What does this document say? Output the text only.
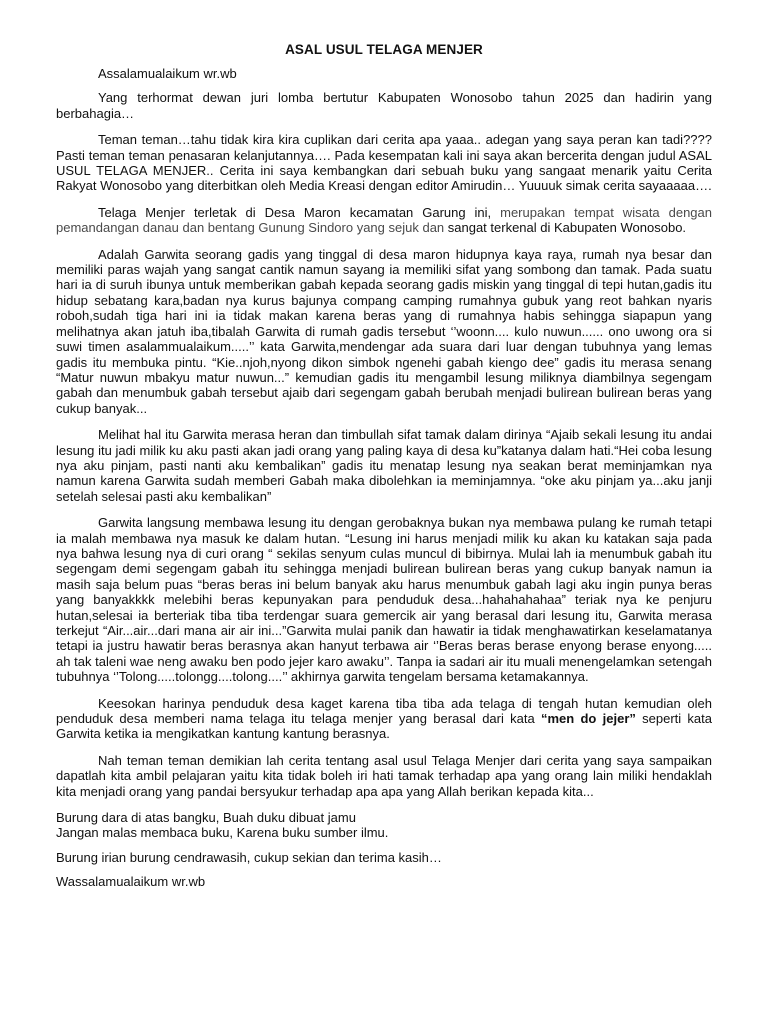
ASAL USUL TELAGA MENJER

Assalamualaikum wr.wb

Yang terhormat dewan juri lomba bertutur Kabupaten Wonosobo tahun 2025 dan hadirin yang berbahagia…

Teman teman…tahu tidak kira kira cuplikan dari cerita apa yaaa.. adegan yang saya peran kan tadi???? Pasti teman teman penasaran kelanjutannya…. Pada kesempatan kali ini saya akan bercerita dengan judul ASAL USUL TELAGA MENJER.. Cerita ini saya kembangkan dari sebuah buku yang sangaat menarik yaitu Cerita Rakyat Wonosobo yang diterbitkan oleh Media Kreasi dengan editor Amirudin… Yuuuuk simak cerita sayaaaaa….

Telaga Menjer terletak di Desa Maron kecamatan Garung ini, merupakan tempat wisata dengan pemandangan danau dan bentang Gunung Sindoro yang sejuk dan sangat terkenal di Kabupaten Wonosobo.

Adalah Garwita seorang gadis yang tinggal di desa maron hidupnya kaya raya, rumah nya besar dan memiliki paras wajah yang sangat cantik namun sayang ia memiliki sifat yang sombong dan tamak. Pada suatu hari ia di suruh ibunya untuk memberikan gabah kepada seorang gadis miskin yang tinggal di tepi hutan,gadis itu hidup sebatang kara,badan nya kurus bajunya compang camping rumahnya gubuk yang reot bahkan nyaris roboh,sudah tiga hari ini ia tidak makan karena beras yang di rumahnya habis sehingga siapapun yang melihatnya akan jatuh iba,tibalah Garwita di rumah gadis tersebut ‘’woonn.... kulo nuwun...... ono uwong ora si suwi timen asalammualaikum.....’’ kata Garwita,mendengar ada suara dari luar dengan tubuhnya yang lemas gadis itu membuka pintu. “Kie..njoh,nyong dikon simbok ngenehi gabah kiengo dee” gadis itu merasa senang “Matur nuwun mbakyu matur nuwun...” kemudian gadis itu mengambil lesung miliknya diambilnya segengam gabah dan menumbuk gabah tersebut ajaib dari segengam gabah berubah menjadi bulirean bulirean beras yang cukup banyak...

Melihat hal itu Garwita merasa heran dan timbullah sifat tamak dalam dirinya “Ajaib sekali lesung itu andai lesung itu jadi milik ku aku pasti akan jadi orang yang paling kaya di desa ku”katanya dalam hati.“Hei coba lesung nya aku pinjam, pasti nanti aku kembalikan” gadis itu menatap lesung nya seakan berat meminjamkan nya namun karena Garwita sudah memberi Gabah maka dibolehkan ia meminjamnya. “oke aku pinjam ya...aku janji setelah selesai pasti aku kembalikan”

Garwita langsung membawa lesung itu dengan gerobaknya bukan nya membawa pulang ke rumah tetapi ia malah membawa nya masuk ke dalam hutan. “Lesung ini harus menjadi milik ku akan ku katakan saja pada nya bahwa lesung nya di curi orang “ sekilas senyum culas muncul di bibirnya. Mulai lah ia menumbuk gabah itu segengam demi segengam gabah itu sehingga menjadi bulirean bulirean beras yang cukup banyak namun ia masih saja belum puas “beras beras ini belum banyak aku harus menumbuk gabah lagi aku ingin punya beras yang banyakkkk melebihi beras kepunyakan para penduduk desa...hahahahahaa” teriak nya ke penjuru hutan,selesai ia berteriak tiba tiba terdengar suara gemercik air yang berasal dari lesung itu, Garwita merasa terkejut “Air...air...dari mana air air ini...”Garwita mulai panik dan hawatir ia tidak menghawatirkan keselamatanya tetapi ia justru hawatir beras berasnya akan hanyut terbawa air ‘’Beras beras berase enyong berase enyong..... ah tak taleni wae neng awaku ben podo jejer karo awaku’’. Tanpa ia sadari air itu muali menengelamkan setengah tubuhnya ‘’Tolong.....tolongg....tolong....’’ akhirnya garwita tengelam bersama ketamakannya.

Keesokan harinya penduduk desa kaget karena tiba tiba ada telaga di tengah hutan kemudian oleh penduduk desa memberi nama telaga itu telaga menjer yang berasal dari kata “men do jejer” seperti kata Garwita ketika ia mengikatkan kantung kantung berasnya.

Nah teman teman demikian lah cerita tentang asal usul Telaga Menjer dari cerita yang saya sampaikan dapatlah kita ambil pelajaran yaitu kita tidak boleh iri hati tamak terhadap apa yang orang lain miliki hendaklah kita menjadi orang yang pandai bersyukur terhadap apa apa yang Allah berikan kepada kita...

Burung dara di atas bangku, Buah duku dibuat jamu
Jangan malas membaca buku, Karena buku sumber ilmu.

Burung irian burung cendrawasih, cukup sekian dan terima kasih…

Wassalamualaikum wr.wb
